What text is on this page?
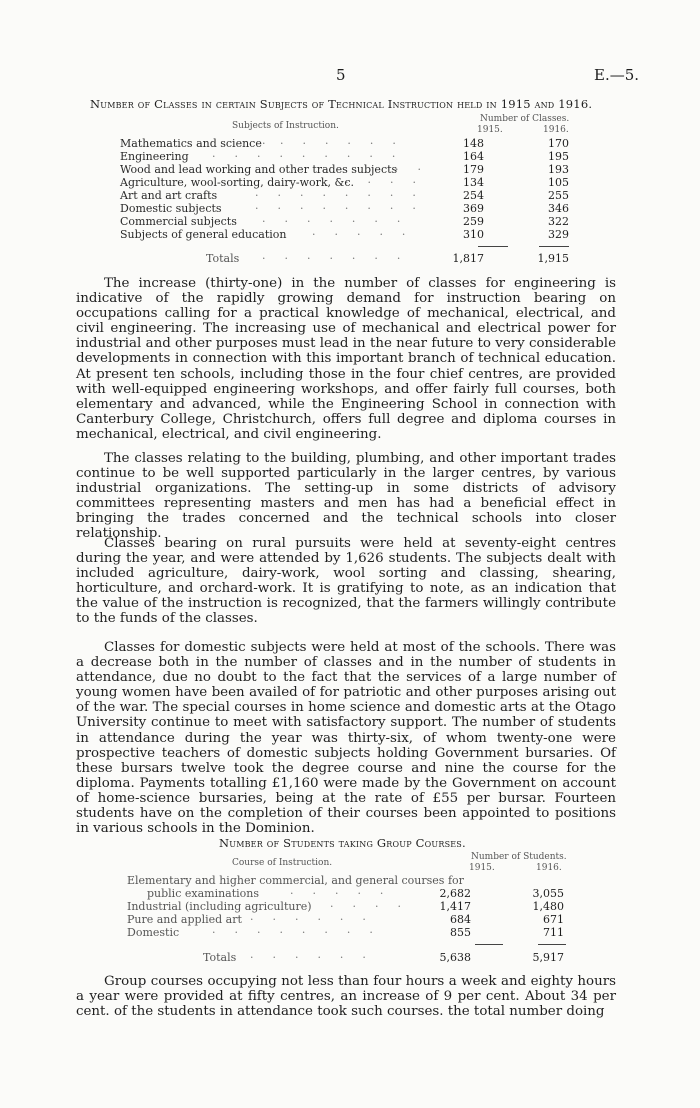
5	E.—5.
Number of Classes in certain Subjects of Technical Instruction held in 1915 and 1916.
Subjects of Instruction.
Number of Classes.
1915.	1916.
Mathematics and science	148	170
Engineering	164	195
Wood and lead working and other trades subjects	179	193
Agriculture, wool-sorting, dairy-work, &c.	134	105
Art and art crafts	254	255
Domestic subjects	369	346
Commercial subjects	259	322
Subjects of general education	310	329
·   ·    ·    ·    ·    ·    ·
·    ·    ·    ·    ·    ·    ·    ·    ·
·    ·
·    ·    ·    ·
·    ·    ·    ·    ·    ·    ·    ·
·    ·    ·    ·    ·    ·    ·    ·
·    ·    ·    ·    ·    ·    ·
·    ·    ·    ·    ·
Totals ·    ·    ·    ·    ·    ·    ·	1,817	1,915

The increase (thirty-one) in the number of classes for engineering is indicative of the rapidly growing demand for instruction bearing on occupations calling for a practical knowledge of mechanical, electrical, and civil engineering. The increasing use of mechanical and electrical power for industrial and other purposes must lead in the near future to very considerable developments in connection with this important branch of technical education. At present ten schools, including those in the four chief centres, are provided with well-equipped engineering workshops, and offer fairly full courses, both elementary and advanced, while the Engineering School in connection with Canterbury College, Christchurch, offers full degree and diploma courses in mechanical, electrical, and civil engineering.

The classes relating to the building, plumbing, and other important trades continue to be well supported particularly in the larger centres, by various industrial organizations. The setting-up in some districts of advisory committees representing masters and men has had a beneficial effect in bringing the trades concerned and the technical schools into closer relationship.

Classes bearing on rural pursuits were held at seventy-eight centres during the year, and were attended by 1,626 students. The subjects dealt with included agriculture, dairy-work, wool sorting and classing, shearing, horticulture, and orchard-work. It is gratifying to note, as an indication that the value of the instruction is recognized, that the farmers willingly contribute to the funds of the classes.

Classes for domestic subjects were held at most of the schools. There was a decrease both in the number of classes and in the number of students in attendance, due no doubt to the fact that the services of a large number of young women have been availed of for patriotic and other purposes arising out of the war. The special courses in home science and domestic arts at the Otago University continue to meet with satisfactory support. The number of students in attendance during the year was thirty-six, of whom twenty-one were prospective teachers of domestic subjects holding Government bursaries. Of these bursars twelve took the degree course and nine the course for the diploma. Payments totalling £1,160 were made by the Government on account of home-science bursaries, being at the rate of £55 per bursar. Fourteen students have on the completion of their courses been appointed to positions in various schools in the Dominion.

Number of Students taking Group Courses.
Course of Instruction.
Number of Students.
1915.	1916.
Elementary and higher commercial, and general courses for
public examinations	·    ·    ·    ·    ·	2,682	3,055
Industrial (including agriculture) ·    ·    ·    ·	1,417	1,480
Pure and applied art ·    ·    ·    ·    ·    ·	684	671
Domestic	·    ·    ·    ·    ·    ·    ·    ·	855	711
Totals ·    ·    ·    ·    ·    ·	5,638	5,917

Group courses occupying not less than four hours a week and eighty hours a year were provided at fifty centres, an increase of 9 per cent. About 34 per cent. of the students in attendance took such courses. the total number doing
